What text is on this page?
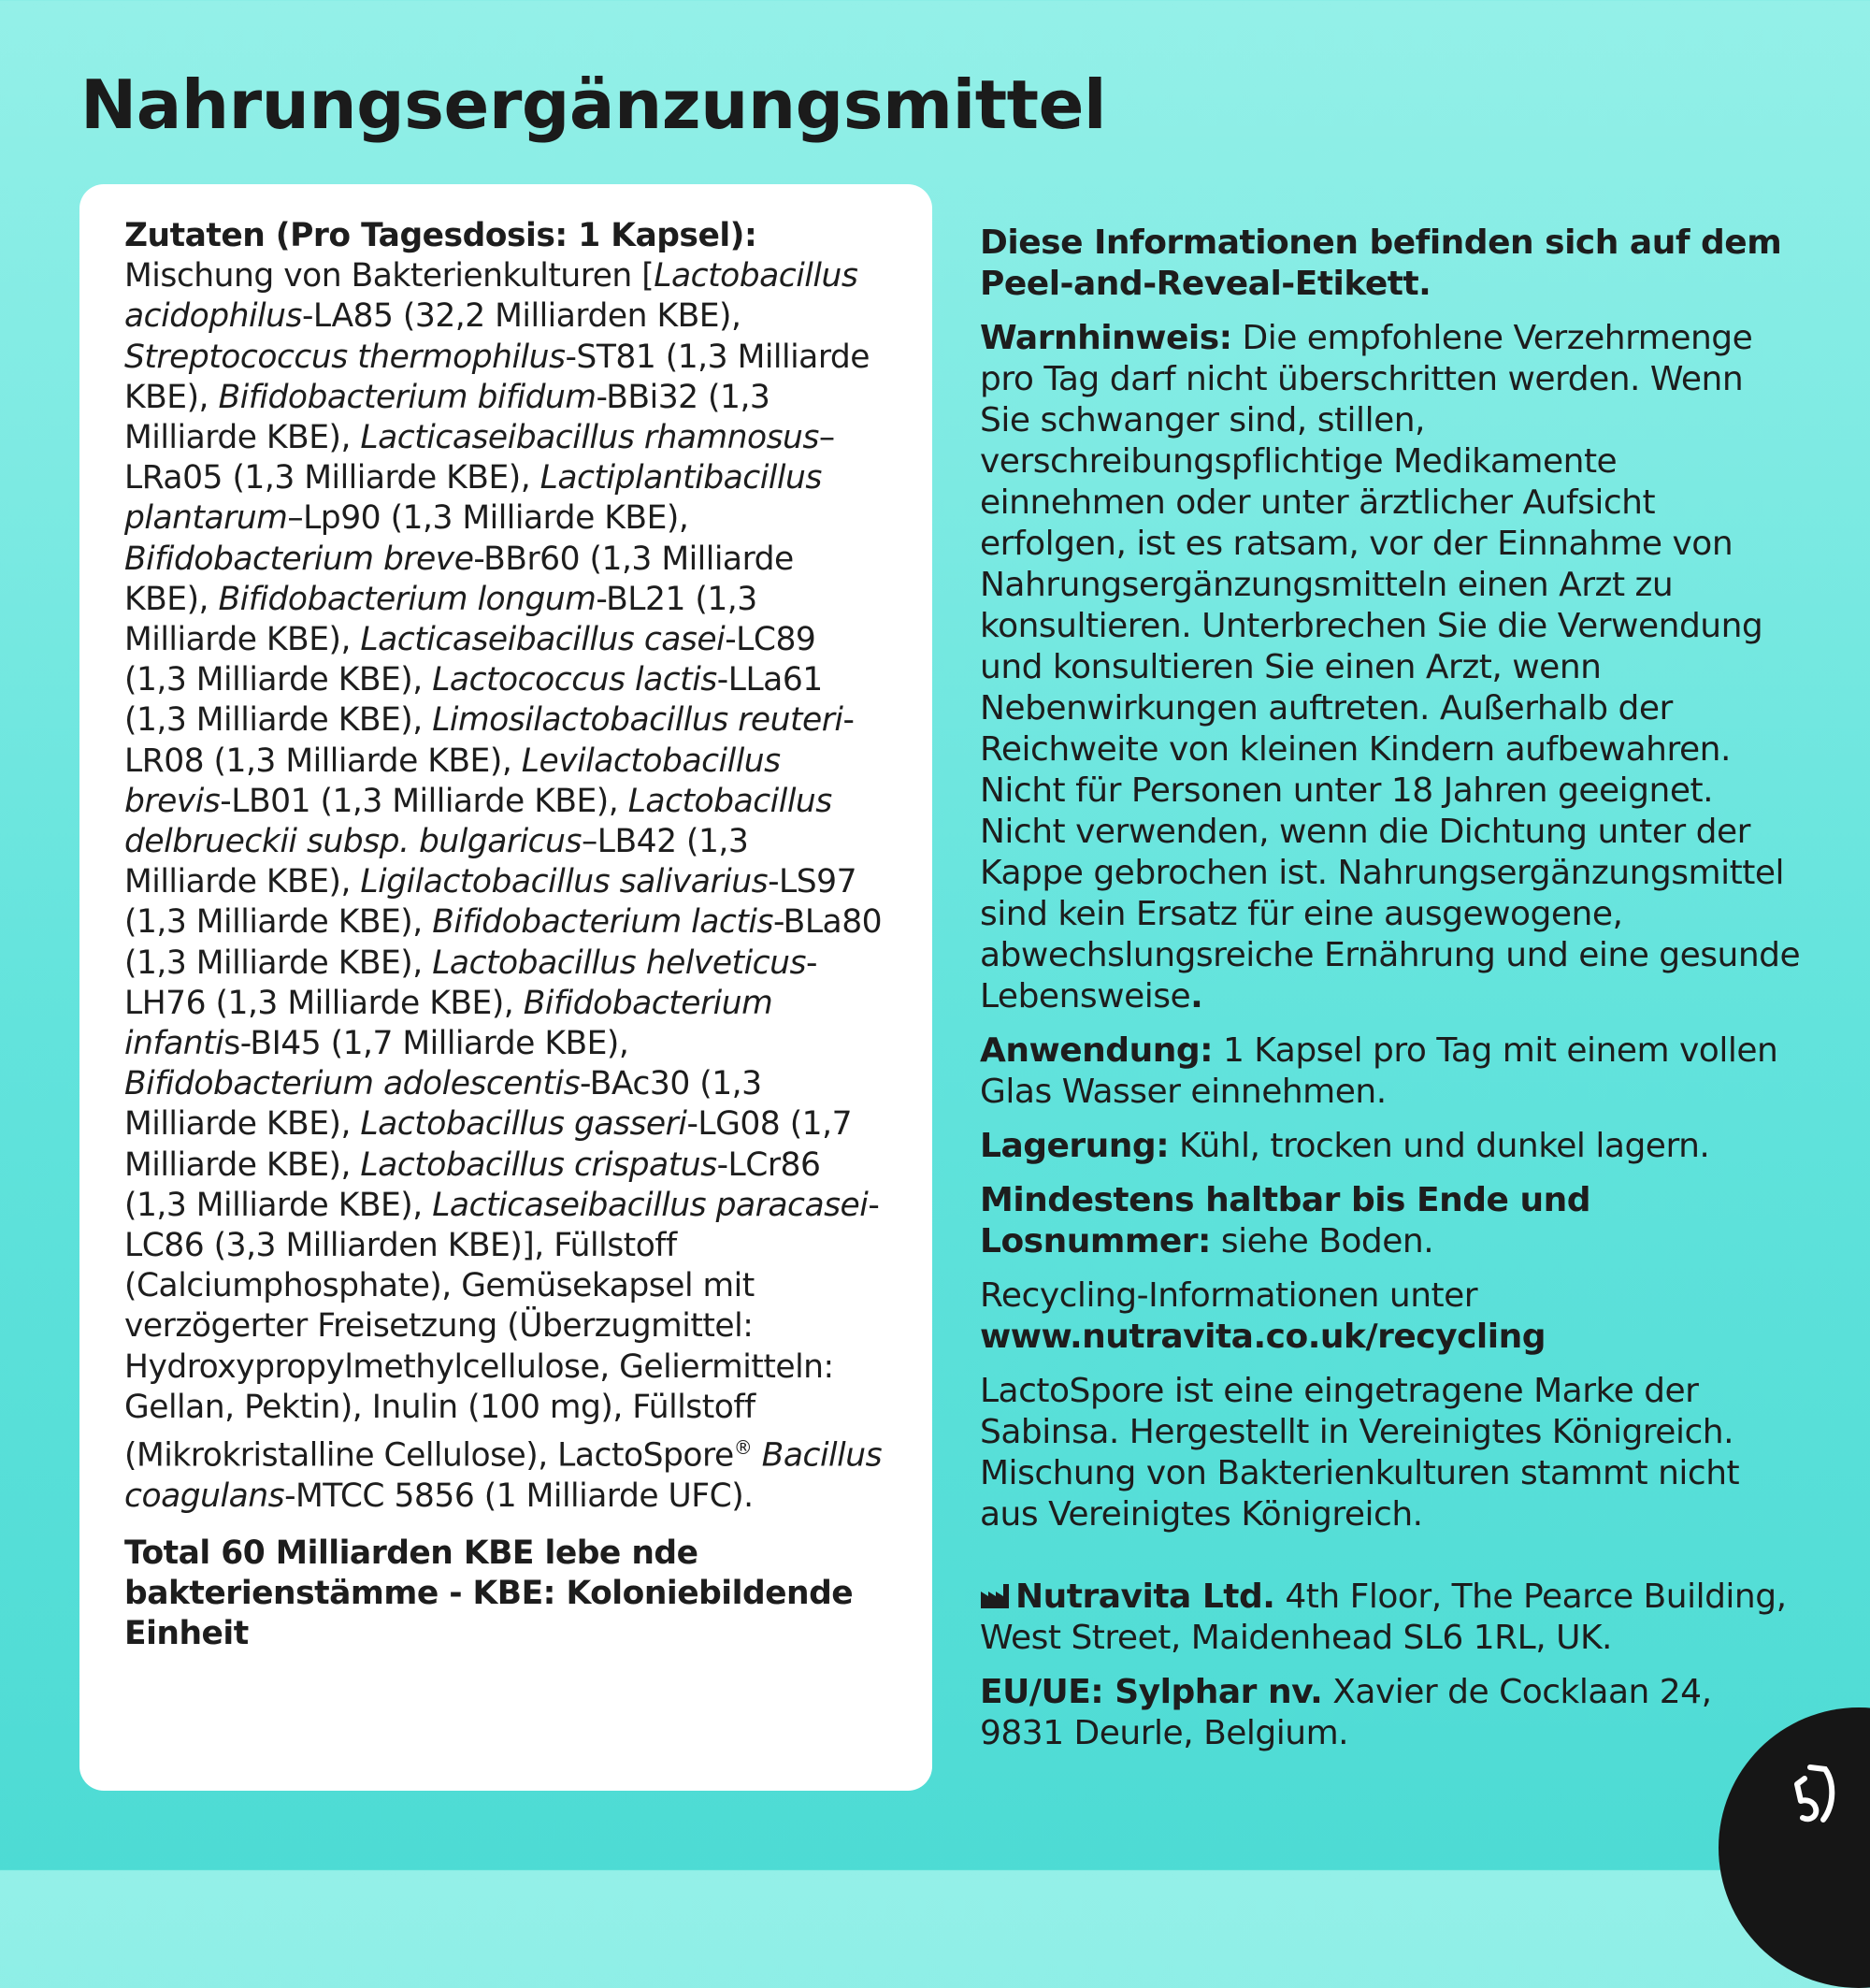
Nahrungsergänzungsmittel

Zutaten (Pro Tagesdosis: 1 Kapsel): Mischung von Bakterienkulturen [Lactobacillus acidophilus-LA85 (32,2 Milliarden KBE), Streptococcus thermophilus-ST81 (1,3 Milliarde KBE), Bifidobacterium bifidum-BBi32 (1,3 Milliarde KBE), Lacticaseibacillus rhamnosus–LRa05 (1,3 Milliarde KBE), Lactiplantibacillus plantarum–Lp90 (1,3 Milliarde KBE), Bifidobacterium breve-BBr60 (1,3 Milliarde KBE), Bifidobacterium longum-BL21 (1,3 Milliarde KBE), Lacticaseibacillus casei-LC89 (1,3 Milliarde KBE), Lactococcus lactis-LLa61 (1,3 Milliarde KBE), Limosilactobacillus reuteri-LR08 (1,3 Milliarde KBE), Levilactobacillus brevis-LB01 (1,3 Milliarde KBE), Lactobacillus delbrueckii subsp. bulgaricus–LB42 (1,3 Milliarde KBE), Ligilactobacillus salivarius-LS97 (1,3 Milliarde KBE), Bifidobacterium lactis-BLa80 (1,3 Milliarde KBE), Lactobacillus helveticus-LH76 (1,3 Milliarde KBE), Bifidobacterium infantis-BI45 (1,7 Milliarde KBE), Bifidobacterium adolescentis-BAc30 (1,3 Milliarde KBE), Lactobacillus gasseri-LG08 (1,7 Milliarde KBE), Lactobacillus crispatus-LCr86 (1,3 Milliarde KBE), Lacticaseibacillus paracasei-LC86 (3,3 Milliarden KBE)], Füllstoff (Calciumphosphate), Gemüsekapsel mit verzögerter Freisetzung (Überzugmittel: Hydroxypropylmethylcellulose, Geliermitteln: Gellan, Pektin), Inulin (100 mg), Füllstoff (Mikrokristalline Cellulose), LactoSpore® Bacillus coagulans-MTCC 5856 (1 Milliarde UFC).

Total 60 Milliarden KBE lebe nde bakterienstämme - KBE: Koloniebildende Einheit

Diese Informationen befinden sich auf dem Peel-and-Reveal-Etikett.

Warnhinweis: Die empfohlene Verzehrmenge pro Tag darf nicht überschritten werden. Wenn Sie schwanger sind, stillen, verschreibungspflichtige Medikamente einnehmen oder unter ärztlicher Aufsicht erfolgen, ist es ratsam, vor der Einnahme von Nahrungsergänzungsmitteln einen Arzt zu konsultieren. Unterbrechen Sie die Verwendung und konsultieren Sie einen Arzt, wenn Nebenwirkungen auftreten. Außerhalb der Reichweite von kleinen Kindern aufbewahren. Nicht für Personen unter 18 Jahren geeignet. Nicht verwenden, wenn die Dichtung unter der Kappe gebrochen ist. Nahrungsergänzungsmittel sind kein Ersatz für eine ausgewogene, abwechslungsreiche Ernährung und eine gesunde Lebensweise.

Anwendung: 1 Kapsel pro Tag mit einem vollen Glas Wasser einnehmen.

Lagerung: Kühl, trocken und dunkel lagern.

Mindestens haltbar bis Ende und Losnummer: siehe Boden.

Recycling-Informationen unter www.nutravita.co.uk/recycling

LactoSpore ist eine eingetragene Marke der Sabinsa. Hergestellt in Vereinigtes Königreich. Mischung von Bakterienkulturen stammt nicht aus Vereinigtes Königreich.

Nutravita Ltd. 4th Floor, The Pearce Building, West Street, Maidenhead SL6 1RL, UK.

EU/UE: Sylphar nv. Xavier de Cocklaan 24, 9831 Deurle, Belgium.
